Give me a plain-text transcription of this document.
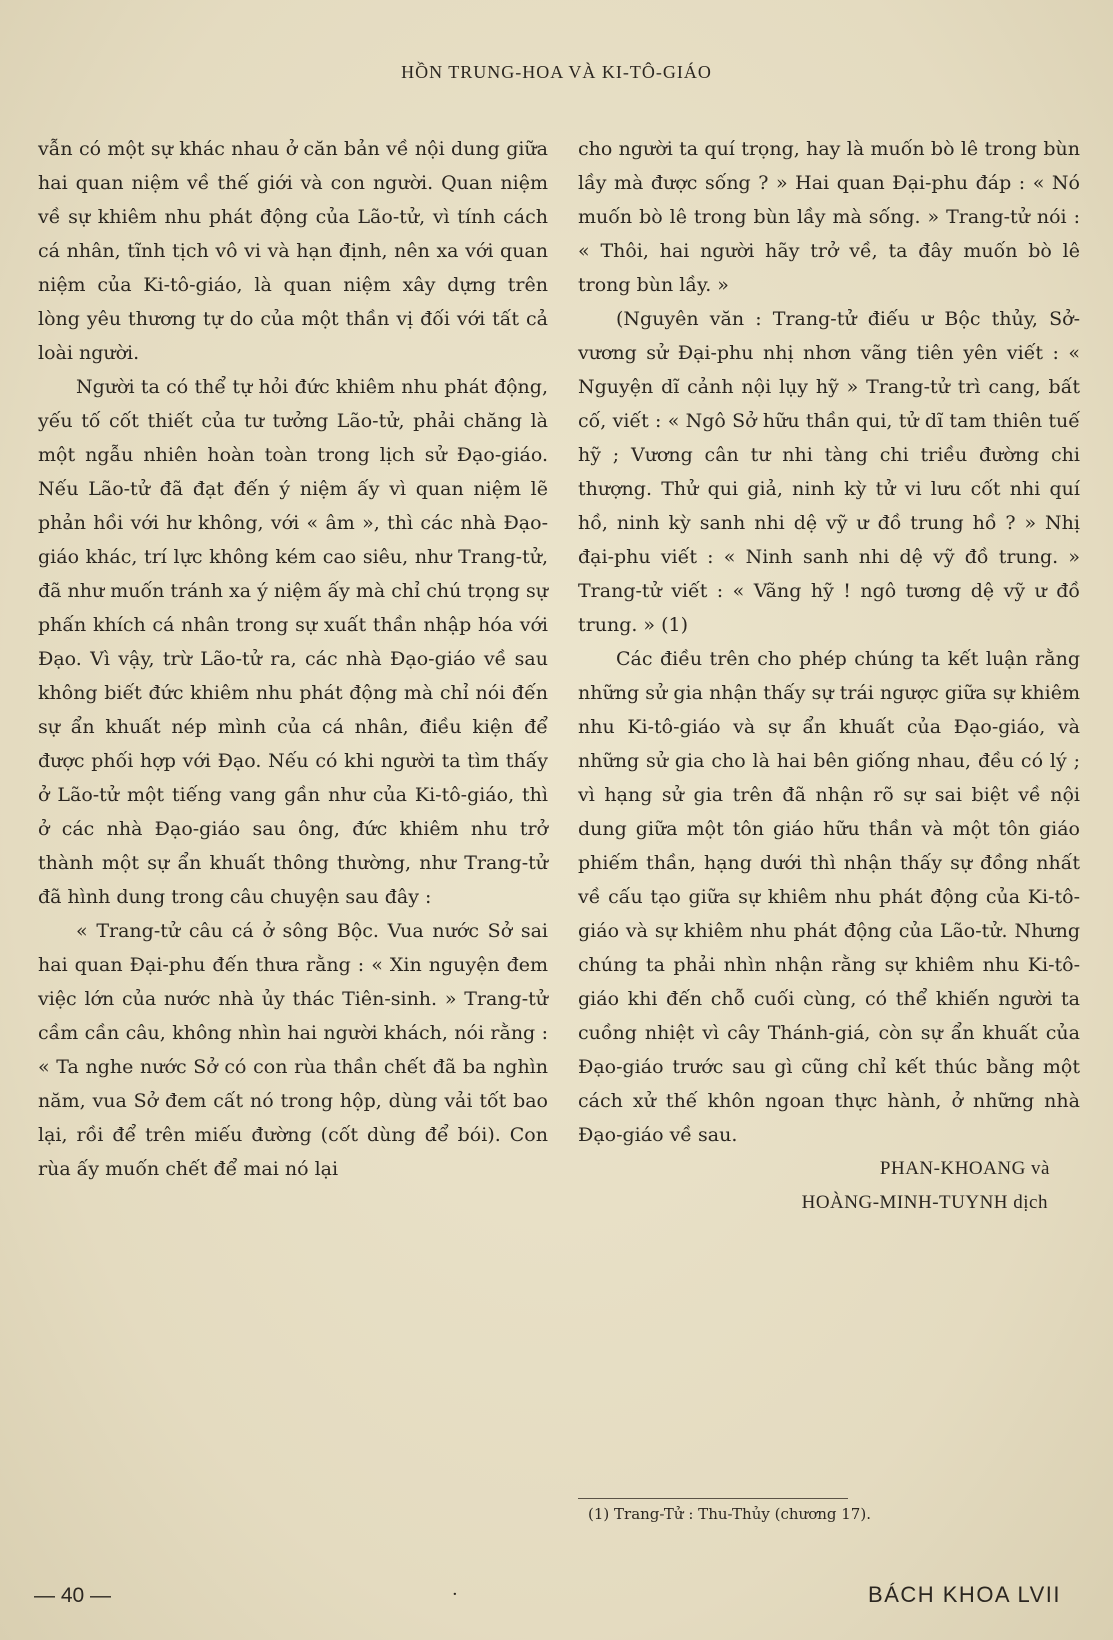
HỒN TRUNG-HOA VÀ KI-TÔ-GIÁO

vẫn có một sự khác nhau ở căn bản về nội dung giữa hai quan niệm về thế giới và con người. Quan niệm về sự khiêm nhu phát động của Lão-tử, vì tính cách cá nhân, tĩnh tịch vô vi và hạn định, nên xa với quan niệm của Ki-tô-giáo, là quan niệm xây dựng trên lòng yêu thương tự do của một thần vị đối với tất cả loài người.

Người ta có thể tự hỏi đức khiêm nhu phát động, yếu tố cốt thiết của tư tưởng Lão-tử, phải chăng là một ngẫu nhiên hoàn toàn trong lịch sử Đạo-giáo. Nếu Lão-tử đã đạt đến ý niệm ấy vì quan niệm lẽ phản hồi với hư không, với « âm », thì các nhà Đạo-giáo khác, trí lực không kém cao siêu, như Trang-tử, đã như muốn tránh xa ý niệm ấy mà chỉ chú trọng sự phấn khích cá nhân trong sự xuất thần nhập hóa với Đạo. Vì vậy, trừ Lão-tử ra, các nhà Đạo-giáo về sau không biết đức khiêm nhu phát động mà chỉ nói đến sự ẩn khuất nép mình của cá nhân, điều kiện để được phối hợp với Đạo. Nếu có khi người ta tìm thấy ở Lão-tử một tiếng vang gần như của Ki-tô-giáo, thì ở các nhà Đạo-giáo sau ông, đức khiêm nhu trở thành một sự ẩn khuất thông thường, như Trang-tử đã hình dung trong câu chuyện sau đây :

« Trang-tử câu cá ở sông Bộc. Vua nước Sở sai hai quan Đại-phu đến thưa rằng : « Xin nguyện đem việc lớn của nước nhà ủy thác Tiên-sinh. » Trang-tử cầm cần câu, không nhìn hai người khách, nói rằng : « Ta nghe nước Sở có con rùa thần chết đã ba nghìn năm, vua Sở đem cất nó trong hộp, dùng vải tốt bao lại, rồi để trên miếu đường (cốt dùng để bói). Con rùa ấy muốn chết để mai nó lại

cho người ta quí trọng, hay là muốn bò lê trong bùn lầy mà được sống ? » Hai quan Đại-phu đáp : « Nó muốn bò lê trong bùn lầy mà sống. » Trang-tử nói : « Thôi, hai người hãy trở về, ta đây muốn bò lê trong bùn lầy. »

(Nguyên văn : Trang-tử điếu ư Bộc thủy, Sở-vương sử Đại-phu nhị nhơn vãng tiên yên viết : « Nguyện dĩ cảnh nội lụy hỹ » Trang-tử trì cang, bất cố, viết : « Ngô Sở hữu thần qui, tử dĩ tam thiên tuế hỹ ; Vương cân tư nhi tàng chi triều đường chi thượng. Thử qui giả, ninh kỳ tử vi lưu cốt nhi quí hồ, ninh kỳ sanh nhi dệ vỹ ư đồ trung hồ ? » Nhị đại-phu viết : « Ninh sanh nhi dệ vỹ đồ trung. » Trang-tử viết : « Vãng hỹ ! ngô tương dệ vỹ ư đồ trung. » (1)

Các điều trên cho phép chúng ta kết luận rằng những sử gia nhận thấy sự trái ngược giữa sự khiêm nhu Ki-tô-giáo và sự ẩn khuất của Đạo-giáo, và những sử gia cho là hai bên giống nhau, đều có lý ; vì hạng sử gia trên đã nhận rõ sự sai biệt về nội dung giữa một tôn giáo hữu thần và một tôn giáo phiếm thần, hạng dưới thì nhận thấy sự đồng nhất về cấu tạo giữa sự khiêm nhu phát động của Ki-tô-giáo và sự khiêm nhu phát động của Lão-tử. Nhưng chúng ta phải nhìn nhận rằng sự khiêm nhu Ki-tô-giáo khi đến chỗ cuối cùng, có thể khiến người ta cuồng nhiệt vì cây Thánh-giá, còn sự ẩn khuất của Đạo-giáo trước sau gì cũng chỉ kết thúc bằng một cách xử thế khôn ngoan thực hành, ở những nhà Đạo-giáo về sau.

PHAN-KHOANG và
HOÀNG-MINH-TUYNH dịch
(1) Trang-Tử : Thu-Thủy (chương 17).
— 40 —	·	BÁCH KHOA LVII
